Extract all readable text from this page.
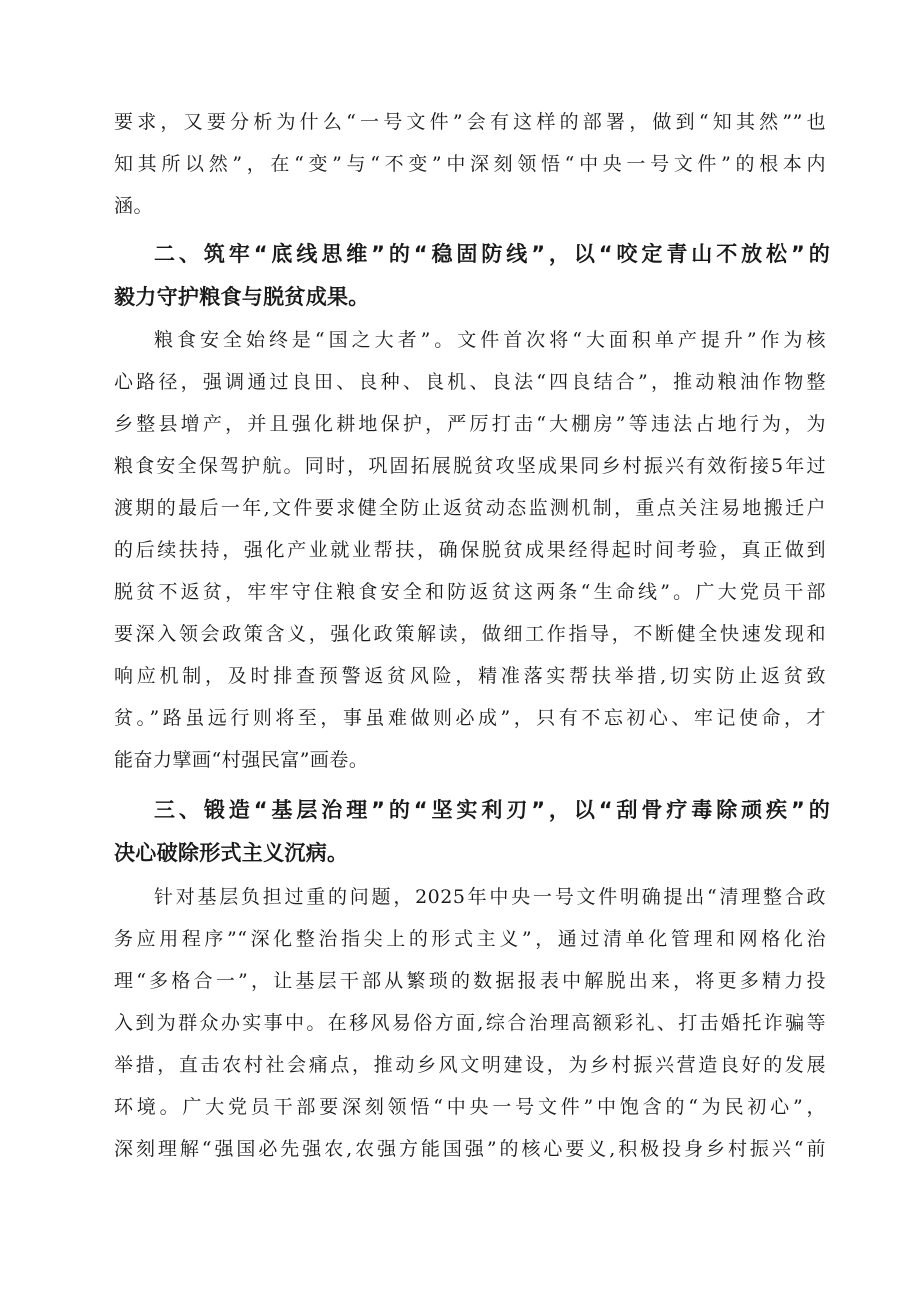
要求，又要分析为什么“一号文件”会有这样的部署，做到“知其然””也
知其所以然”，在“变”与“不变”中深刻领悟“中央一号文件”的根本内
涵。
二、筑牢“底线思维”的“稳固防线”，以“咬定青山不放松”的
毅力守护粮食与脱贫成果。
粮食安全始终是“国之大者”。文件首次将“大面积单产提升”作为核
心路径，强调通过良田、良种、良机、良法“四良结合”，推动粮油作物整
乡整县增产，并且强化耕地保护，严厉打击“大棚房”等违法占地行为，为
粮食安全保驾护航。同时，巩固拓展脱贫攻坚成果同乡村振兴有效衔接5年过
渡期的最后一年,文件要求健全防止返贫动态监测机制，重点关注易地搬迁户
的后续扶持，强化产业就业帮扶，确保脱贫成果经得起时间考验，真正做到
脱贫不返贫，牢牢守住粮食安全和防返贫这两条“生命线”。广大党员干部
要深入领会政策含义，强化政策解读，做细工作指导，不断健全快速发现和
响应机制，及时排查预警返贫风险，精准落实帮扶举措,切实防止返贫致
贫。”路虽远行则将至，事虽难做则必成”，只有不忘初心、牢记使命，才
能奋力擘画“村强民富”画卷。
三、锻造“基层治理”的“坚实利刃”，以“刮骨疗毒除顽疾”的
决心破除形式主义沉病。
针对基层负担过重的问题，2025年中央一号文件明确提出“清理整合政
务应用程序”“深化整治指尖上的形式主义”，通过清单化管理和网格化治
理“多格合一”，让基层干部从繁琐的数据报表中解脱出来，将更多精力投
入到为群众办实事中。在移风易俗方面,综合治理高额彩礼、打击婚托诈骗等
举措，直击农村社会痛点，推动乡风文明建设，为乡村振兴营造良好的发展
环境。广大党员干部要深刻领悟“中央一号文件”中饱含的“为民初心”，
深刻理解“强国必先强农,农强方能国强”的核心要义,积极投身乡村振兴“前
